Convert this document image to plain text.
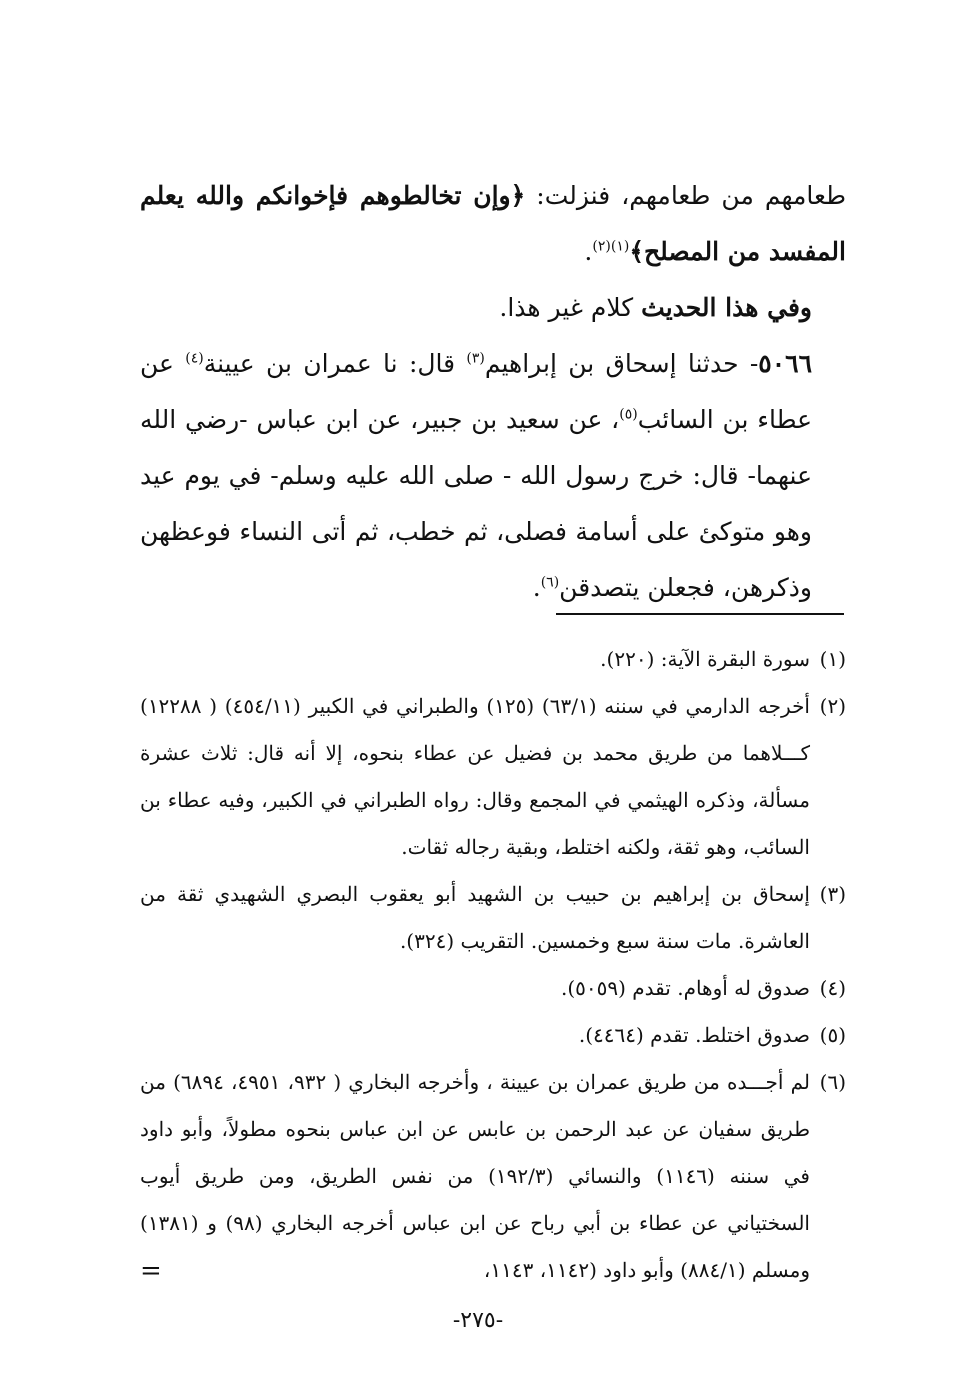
طعامهم من طعامهم، فنزلت: ﴿وإن تخالطوهم فإخوانكم والله يعلم المفسد من المصلح﴾$^{(١)(٢)}$.

وفي هذا الحديث كلام غير هذا.

٥٠٦٦- حدثنا إسحاق بن إبراهيم$^{(٣)}$ قال: نا عمران بن عيينة$^{(٤)}$ عن عطاء بن السائب$^{(٥)}$، عن سعيد بن جبير، عن ابن عباس -رضي الله عنهما- قال: خرج رسول الله - صلى الله عليه وسلم- في يوم عيد وهو متوكئ على أسامة فصلى، ثم خطب، ثم أتى النساء فوعظهن وذكرهن، فجعلن يتصدقن$^{(٦)}$.

(١)
سورة البقرة الآية: (٢٢٠).

(٢)
أخرجه الدارمي في سننه (٦٣/١) (١٢٥) والطبراني في الكبير (٤٥٤/١١) ( ١٢٢٨٨) كـــلاهما من طريق محمد بن فضيل عن عطاء بنحوه، إلا أنه قال: ثلاث عشرة مسألة، وذكره الهيثمي في المجمع وقال: رواه الطبراني في الكبير، وفيه عطاء بن السائب، وهو ثقة، ولكنه اختلط، وبقية رجاله ثقات.

(٣)
إسحاق بن إبراهيم بن حبيب بن الشهيد أبو يعقوب البصري الشهيدي ثقة من العاشرة. مات سنة سبع وخمسين. التقريب (٣٢٤).

(٤)
صدوق له أوهام. تقدم (٥٠٥٩).

(٥)
صدوق اختلط. تقدم (٤٤٦٤).

(٦)
لم أجـــده من طريق عمران بن عيينة ، وأخرجه البخاري ( ٩٣٢، ٤٩٥١، ٦٨٩٤) من طريق سفيان عن عبد الرحمن بن عابس عن ابن عباس بنحوه مطولاً، وأبو داود في سننه (١١٤٦) والنسائي (١٩٢/٣) من نفس الطريق، ومن طريق أيوب السختياني عن عطاء بن أبي رباح عن ابن عباس أخرجه البخاري (٩٨) و (١٣٨١) ومسلم (٨٨٤/١) وأبو داود (١١٤٢، ١١٤٣،

=
-٢٧٥-
